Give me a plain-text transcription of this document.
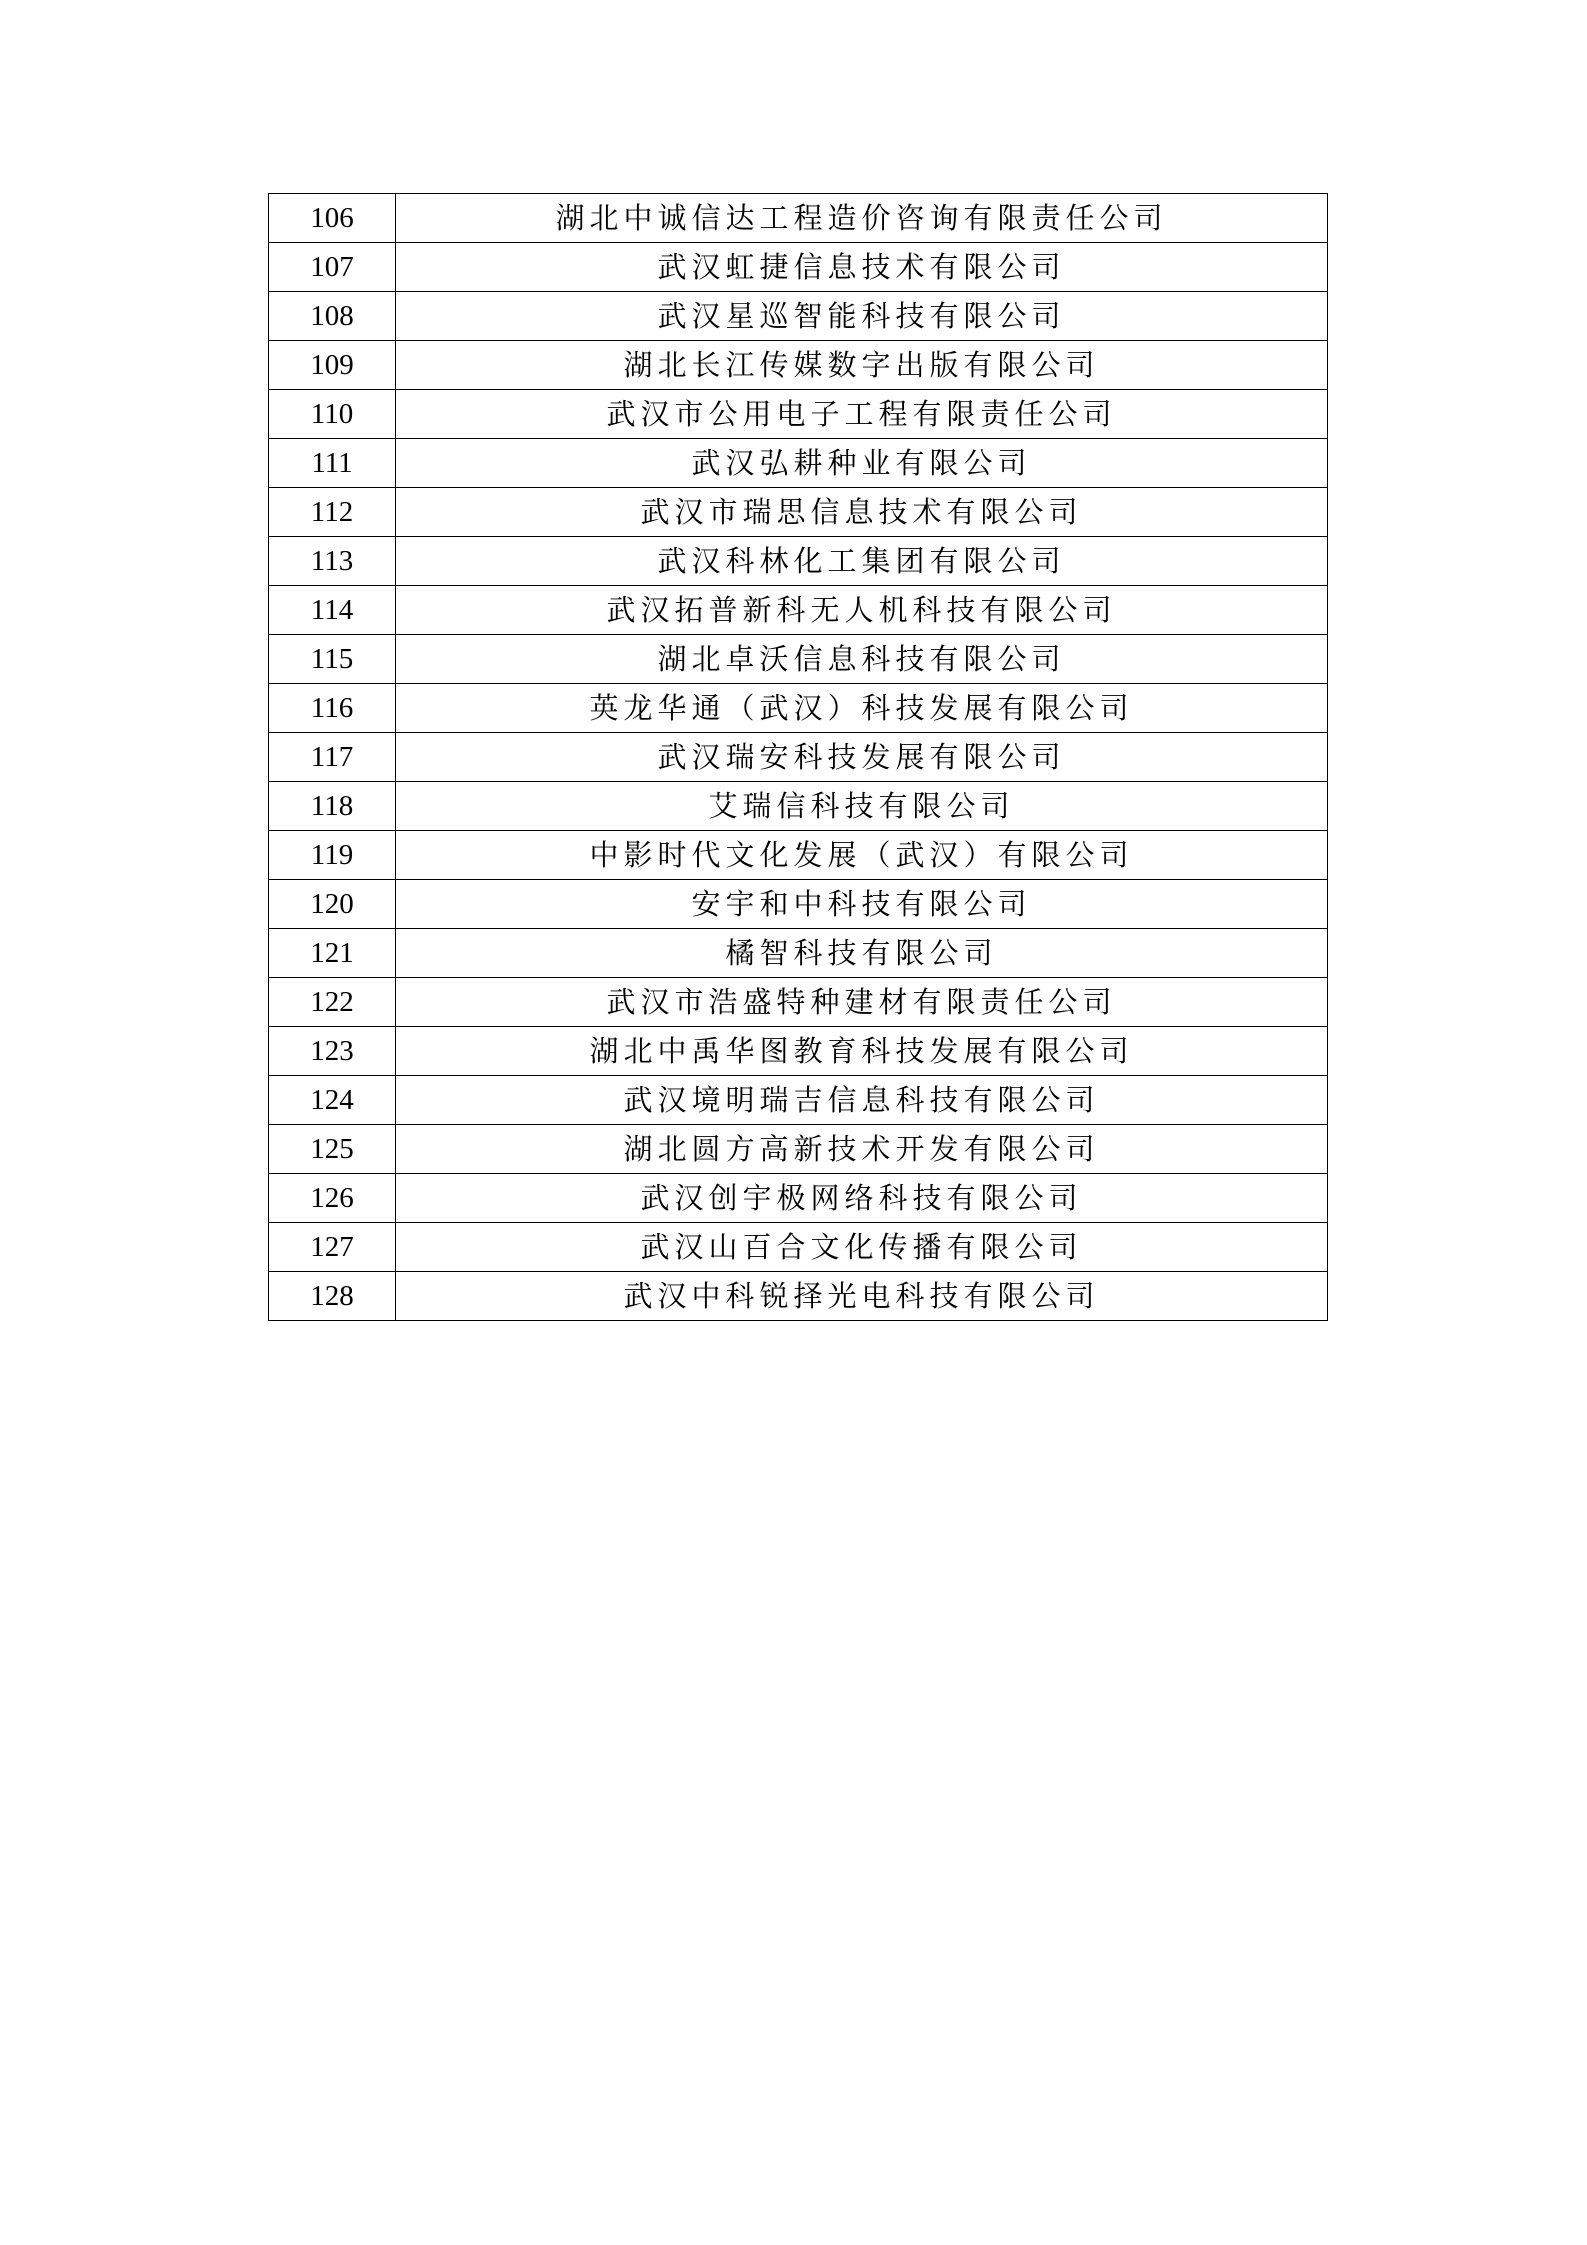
106	湖北中诚信达工程造价咨询有限责任公司
107	武汉虹捷信息技术有限公司
108	武汉星巡智能科技有限公司
109	湖北长江传媒数字出版有限公司
110	武汉市公用电子工程有限责任公司
111	武汉弘耕种业有限公司
112	武汉市瑞思信息技术有限公司
113	武汉科林化工集团有限公司
114	武汉拓普新科无人机科技有限公司
115	湖北卓沃信息科技有限公司
116	英龙华通（武汉）科技发展有限公司
117	武汉瑞安科技发展有限公司
118	艾瑞信科技有限公司
119	中影时代文化发展（武汉）有限公司
120	安宇和中科技有限公司
121	橘智科技有限公司
122	武汉市浩盛特种建材有限责任公司
123	湖北中禹华图教育科技发展有限公司
124	武汉境明瑞吉信息科技有限公司
125	湖北圆方高新技术开发有限公司
126	武汉创宇极网络科技有限公司
127	武汉山百合文化传播有限公司
128	武汉中科锐择光电科技有限公司
